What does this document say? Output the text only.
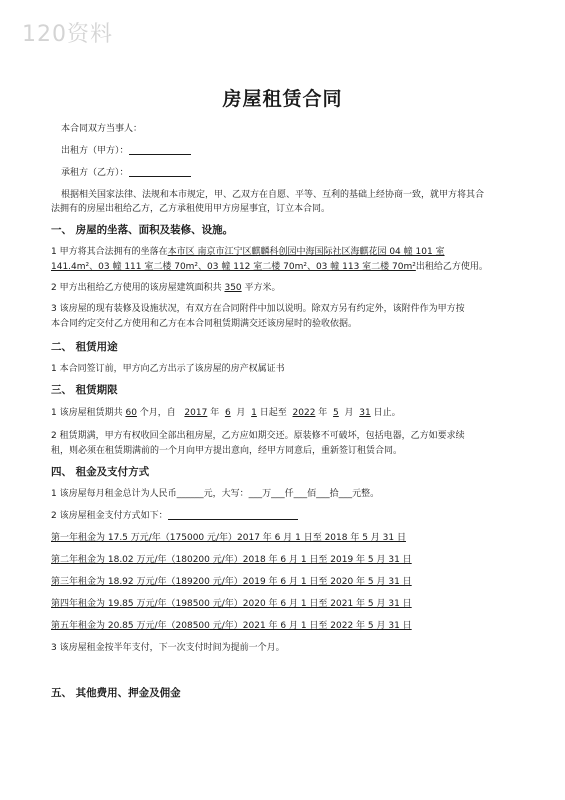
120资料
房屋租赁合同
本合同双方当事人：
出租方（甲方）：
承租方（乙方）：
根据相关国家法律、法规和本市规定，甲、乙双方在自愿、平等、互利的基础上经协商一致，就甲方将其合
法拥有的房屋出租给乙方，乙方承租使用甲方房屋事宜，订立本合同。
一、 房屋的坐落、面积及装修、设施。
1 甲方将其合法拥有的坐落在本市区 南京市江宁区麒麟科创园中海国际社区海麒花园 04 幢 101 室
141.4m²、03 幢 111 室二楼 70m²、03 幢 112 室二楼 70m²、03 幢 113 室二楼 70m²出租给乙方使用。
2 甲方出租给乙方使用的该房屋建筑面积共 350 平方米。
3 该房屋的现有装修及设施状况，有双方在合同附件中加以说明。除双方另有约定外，该附件作为甲方按
本合同约定交付乙方使用和乙方在本合同租赁期满交还该房屋时的验收依据。
二、 租赁用途
1 本合同签订前，甲方向乙方出示了该房屋的房产权属证书
三、 租赁期限
1 该房屋租赁期共 60 个月，自 2017 年 6 月 1 日起至 2022 年 5 月 31 日止。
2 租赁期满，甲方有权收回全部出租房屋，乙方应如期交还。原装修不可破坏，包括电器，乙方如要求续
租，则必须在租赁期满前的一个月向甲方提出意向，经甲方同意后，重新签订租赁合同。
四、 租金及支付方式
1 该房屋每月租金总计为人民币______元，大写：___万___仟___佰___拾___元整。
2 该房屋租金支付方式如下：
第一年租金为 17.5 万元/年（175000 元/年）2017 年 6 月 1 日至 2018 年 5 月 31 日
第二年租金为 18.02 万元/年（180200 元/年）2018 年 6 月 1 日至 2019 年 5 月 31 日
第三年租金为 18.92 万元/年（189200 元/年）2019 年 6 月 1 日至 2020 年 5 月 31 日
第四年租金为 19.85 万元/年（198500 元/年）2020 年 6 月 1 日至 2021 年 5 月 31 日
第五年租金为 20.85 万元/年（208500 元/年）2021 年 6 月 1 日至 2022 年 5 月 31 日
3 该房屋租金按半年支付，下一次支付时间为提前一个月。
五、 其他费用、押金及佣金
